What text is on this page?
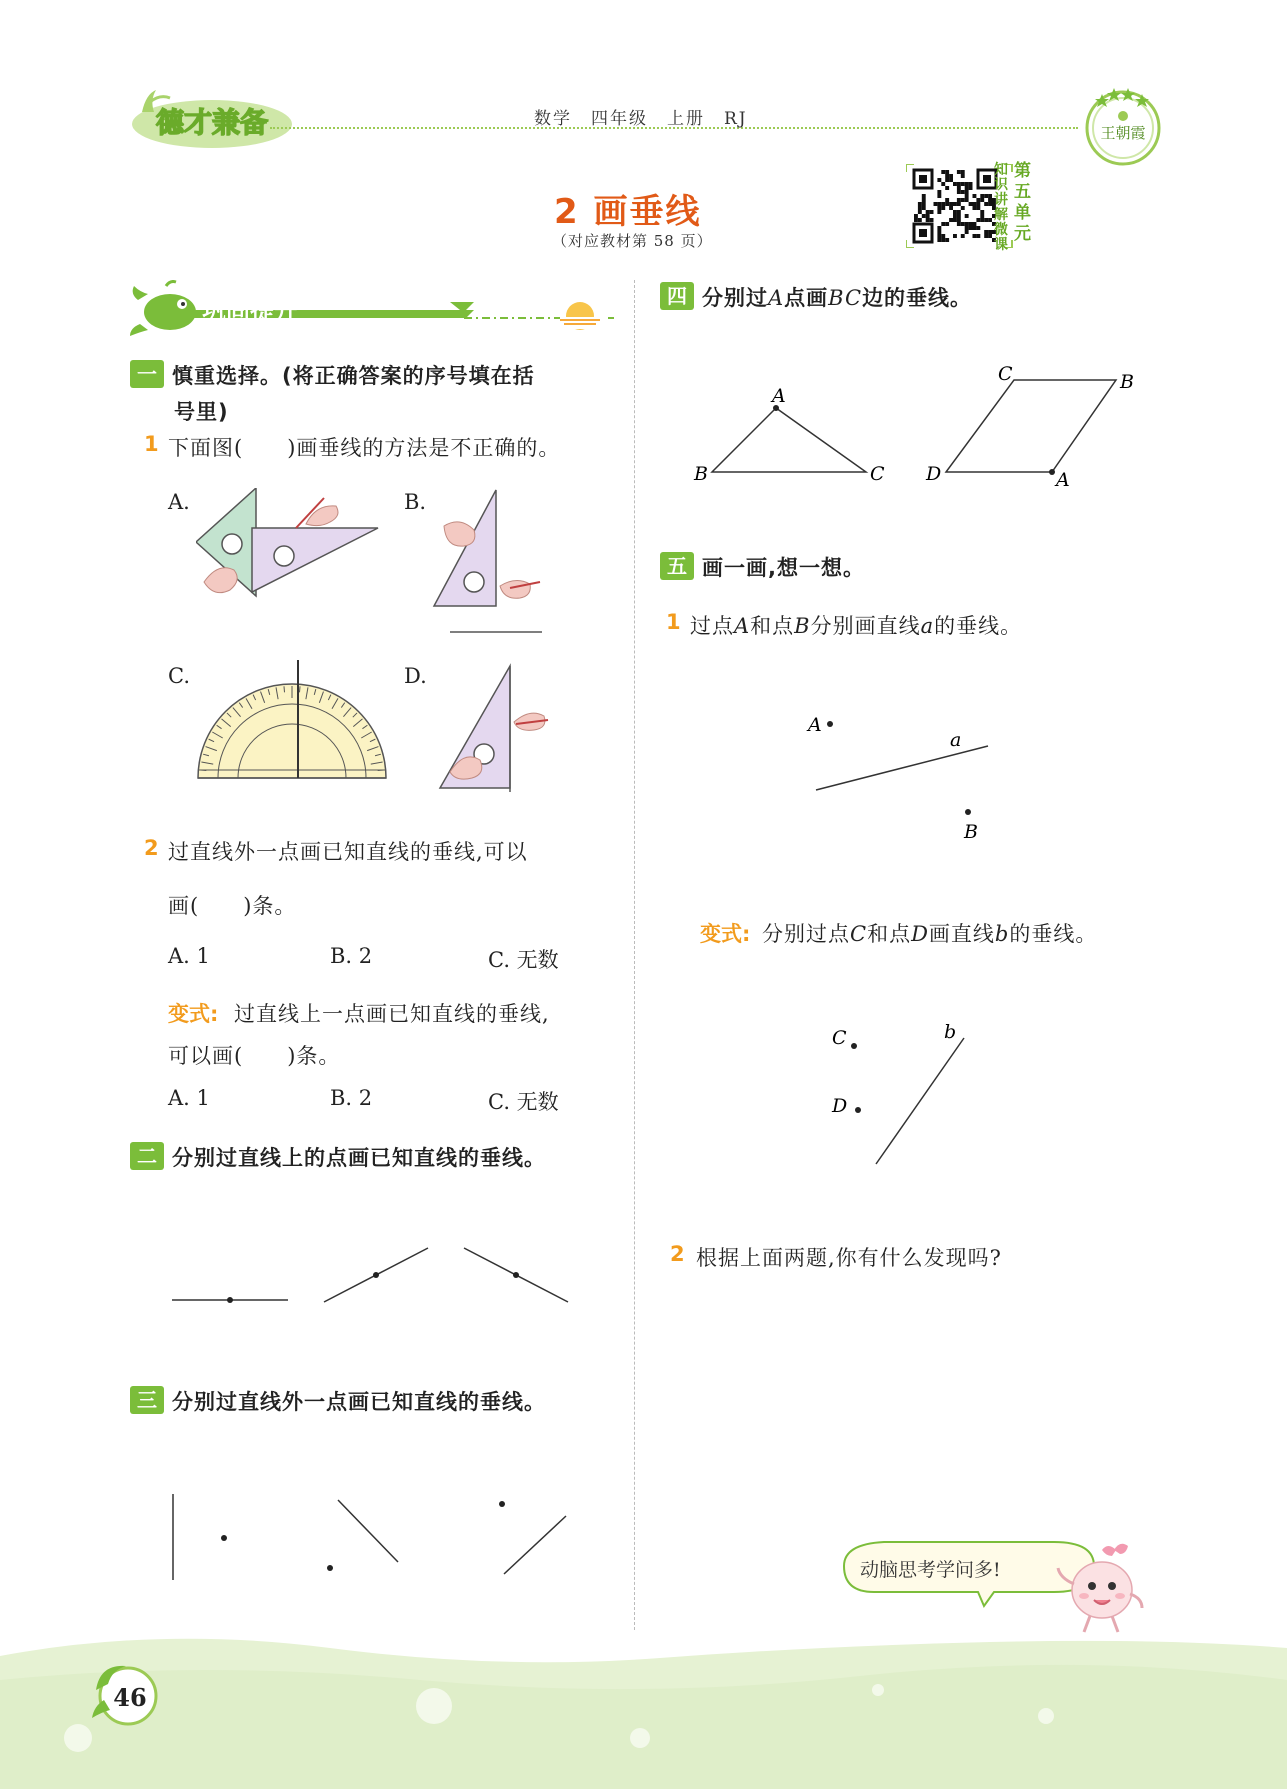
德才兼备	数学　四年级　上册　RJ
王朝霞
2 画垂线
（对应教材第 58 页）
知
识
讲
解
微
课
第
五
单
元
巩固提升
一 慎重选择。(将正确答案的序号填在括
号里)
1 下面图(　　)画垂线的方法是不正确的。
A.	B.
C.	D.
2 过直线外一点画已知直线的垂线,可以
画(　　)条。
A. 1	B. 2	C. 无数
变式: 过直线上一点画已知直线的垂线,
可以画(　　)条。
A. 1	B. 2	C. 无数
二 分别过直线上的点画已知直线的垂线。
三 分别过直线外一点画已知直线的垂线。
四 分别过A点画BC边的垂线。
A
B	C
C	B
D	A
五 画一画,想一想。
1 过点A和点B分别画直线a的垂线。
A
a
B
变式: 分别过点C和点D画直线b的垂线。
C
D
b
2 根据上面两题,你有什么发现吗?
动脑思考学问多!
46
